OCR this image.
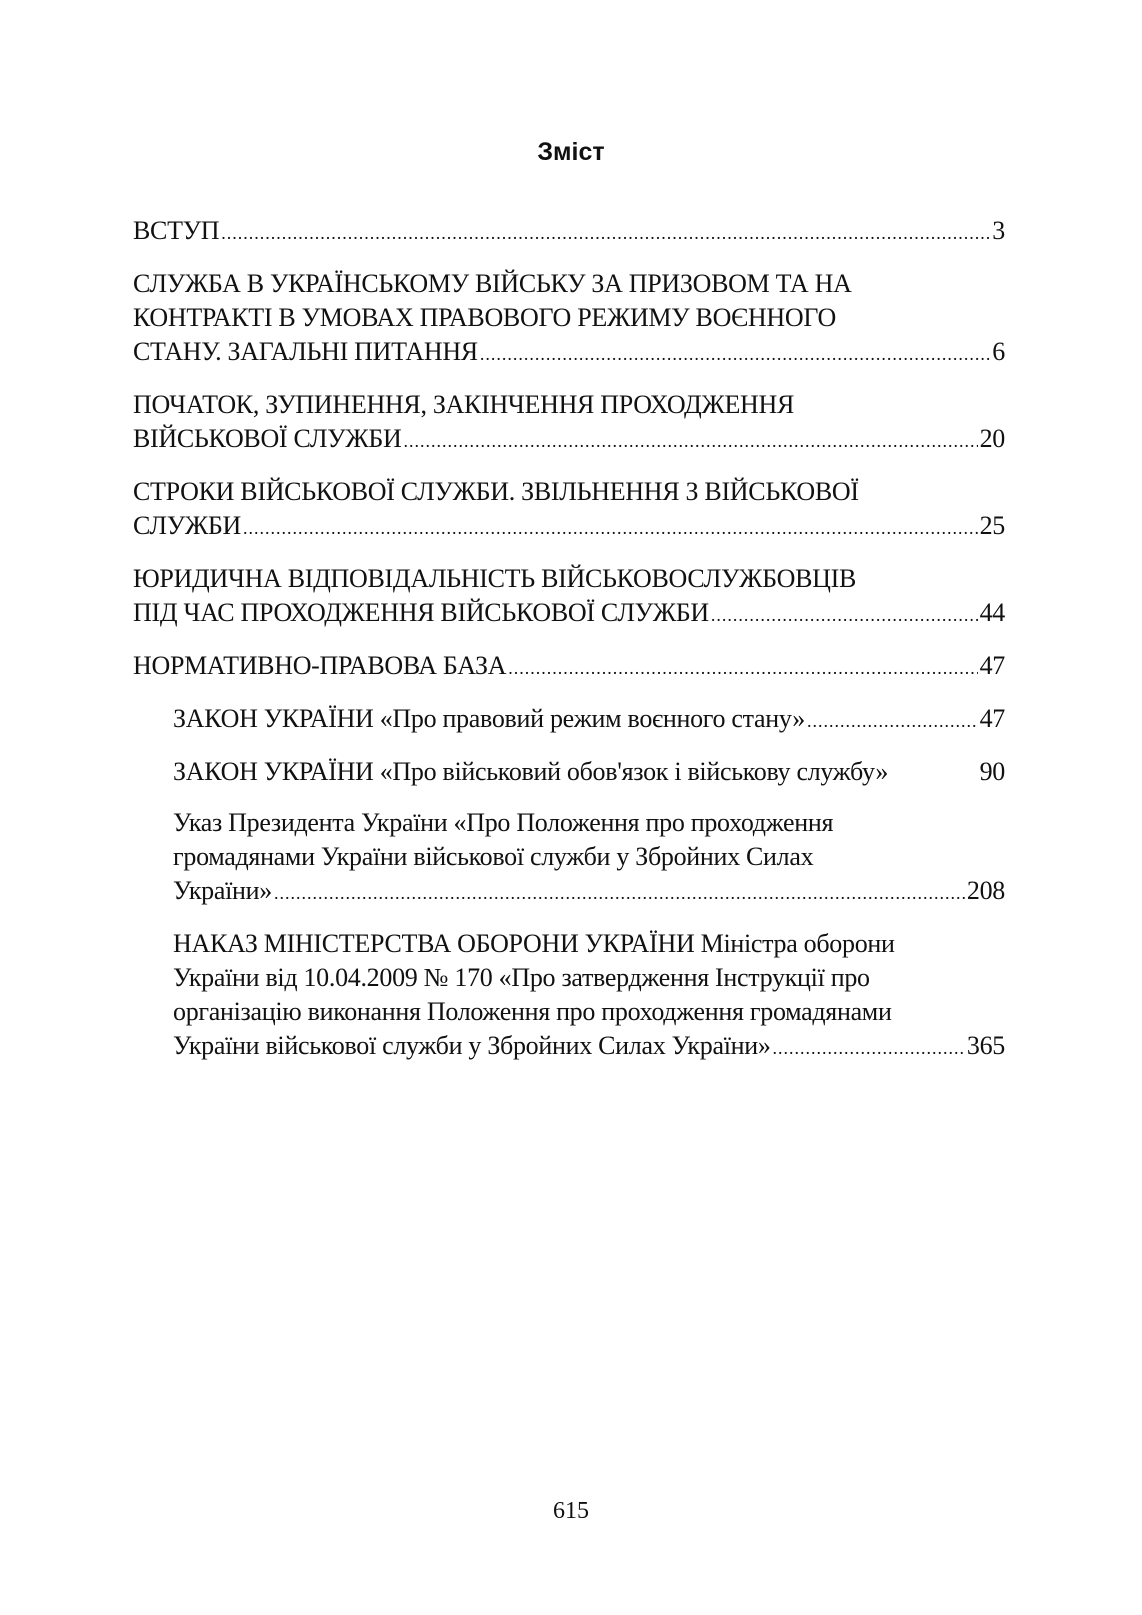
Зміст
ВСТУП .....	3
СЛУЖБА В УКРАЇНСЬКОМУ ВІЙСЬКУ ЗА ПРИЗОВОМ ТА НА
КОНТРАКТІ В УМОВАХ ПРАВОВОГО РЕЖИМУ ВОЄННОГО
СТАНУ. ЗАГАЛЬНІ ПИТАННЯ .....	6
ПОЧАТОК, ЗУПИНЕННЯ, ЗАКІНЧЕННЯ ПРОХОДЖЕННЯ
ВІЙСЬКОВОЇ СЛУЖБИ .....	20
СТРОКИ ВІЙСЬКОВОЇ СЛУЖБИ. ЗВІЛЬНЕННЯ З ВІЙСЬКОВОЇ
СЛУЖБИ .....	25
ЮРИДИЧНА ВІДПОВІДАЛЬНІСТЬ ВІЙСЬКОВОСЛУЖБОВЦІВ
ПІД ЧАС ПРОХОДЖЕННЯ ВІЙСЬКОВОЇ СЛУЖБИ .....	44
НОРМАТИВНО-ПРАВОВА БАЗА .....	47
ЗАКОН УКРАЇНИ «Про правовий режим воєнного стану» .....	47
ЗАКОН УКРАЇНИ «Про військовий обов'язок і військову службу»	90
Указ Президента України «Про Положення про проходження
громадянами України військової служби у Збройних Силах
України» .....	208
НАКАЗ МІНІСТЕРСТВА ОБОРОНИ УКРАЇНИ Міністра оборони
України від 10.04.2009 № 170 «Про затвердження Інструкції про
організацію виконання Положення про проходження громадянами
України військової служби у Збройних Силах України» .....	365
615
